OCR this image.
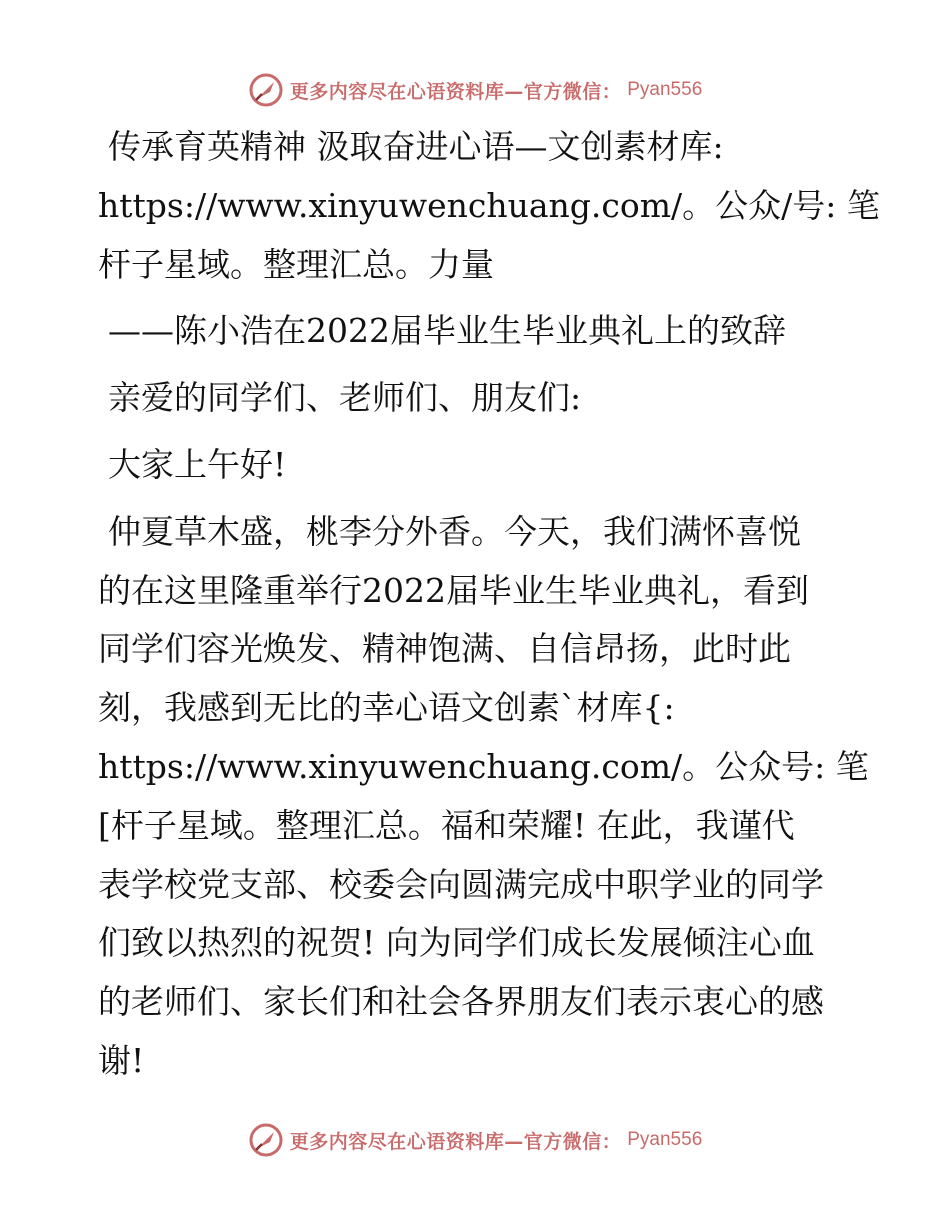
更多内容尽在心语资料库—官方微信： Pyan556
传承育英精神 汲取奋进心语—文创素材库:
https://www.xinyuwenchuang.com/。公众/号: 笔
杆子星域。整理汇总。力量
——陈小浩在2022届毕业生毕业典礼上的致辞
亲爱的同学们、老师们、朋友们:
大家上午好!
仲夏草木盛，桃李分外香。今天，我们满怀喜悦
的在这里隆重举行2022届毕业生毕业典礼，看到
同学们容光焕发、精神饱满、自信昂扬，此时此
刻，我感到无比的幸心语文创素`材库{:
https://www.xinyuwenchuang.com/。公众号: 笔
[杆子星域。整理汇总。福和荣耀! 在此，我谨代
表学校党支部、校委会向圆满完成中职学业的同学
们致以热烈的祝贺! 向为同学们成长发展倾注心血
的老师们、家长们和社会各界朋友们表示衷心的感
谢!
更多内容尽在心语资料库—官方微信： Pyan556
